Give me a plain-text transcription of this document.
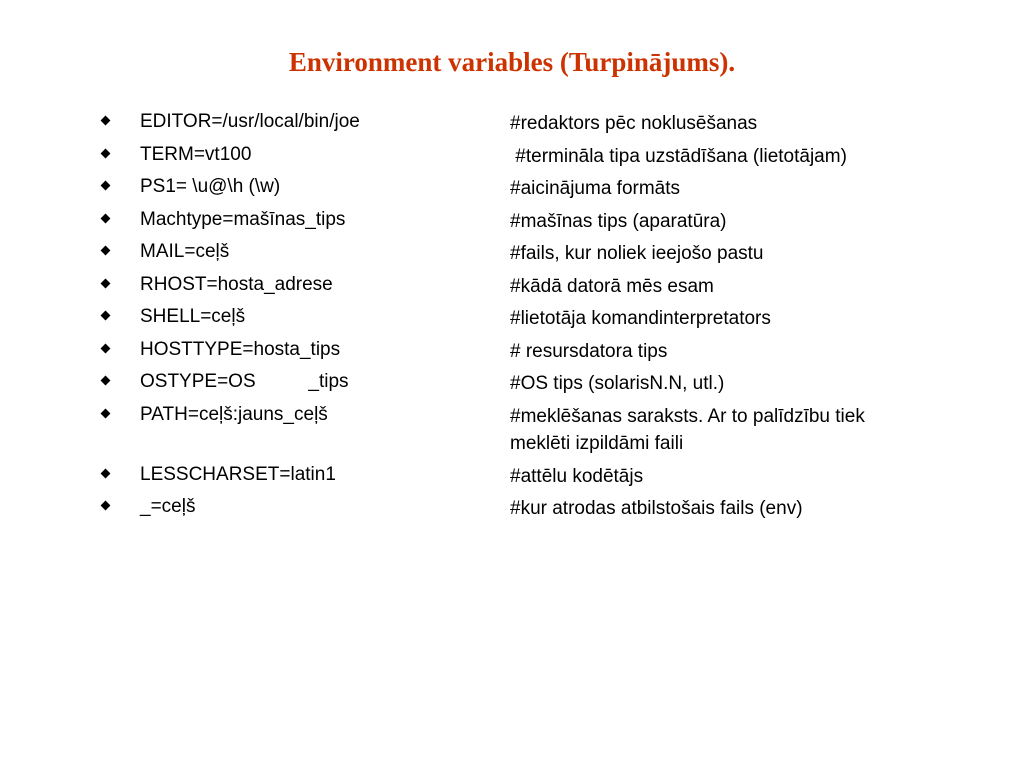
Environment variables (Turpinājums).
EDITOR=/usr/local/bin/joe	#redaktors pēc noklusēšanas
TERM=vt100	#termināla tipa uzstādīšana (lietotājam)
PS1= \u@\h (\w)	#aicinājuma formāts
Machtype=mašīnas_tips	#mašīnas tips (aparatūra)
MAIL=ceļš	#fails, kur noliek ieejošo pastu
RHOST=hosta_adrese	#kādā datorā mēs esam
SHELL=ceļš	#lietotāja komandinterpretators
HOSTTYPE=hosta_tips	# resursdatora tips
OSTYPE=OS          _tips	#OS tips (solarisN.N, utl.)
PATH=ceļš:jauns_ceļš	#meklēšanas saraksts. Ar to palīdzību tiek meklēti izpildāmi faili
LESSCHARSET=latin1	#attēlu kodētājs
_=ceļš	#kur atrodas atbilstošais fails (env)
